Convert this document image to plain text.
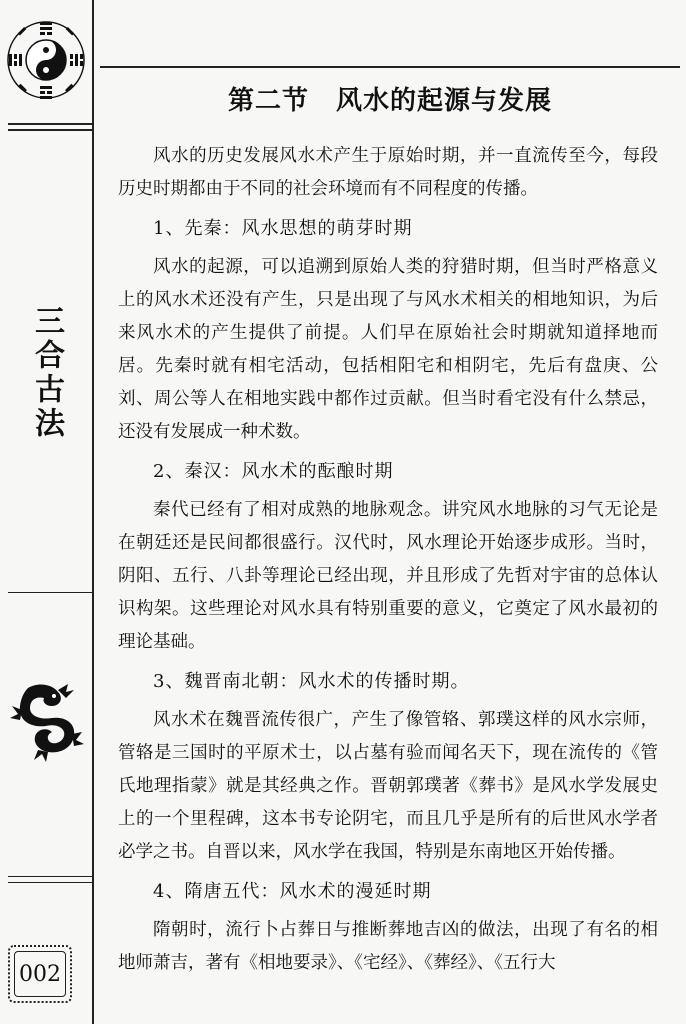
三合古法
002
第二节　风水的起源与发展

风水的历史发展风水术产生于原始时期，并一直流传至今，每段历史时期都由于不同的社会环境而有不同程度的传播。

1、先秦：风水思想的萌芽时期

风水的起源，可以追溯到原始人类的狩猎时期，但当时严格意义上的风水术还没有产生，只是出现了与风水术相关的相地知识，为后来风水术的产生提供了前提。人们早在原始社会时期就知道择地而居。先秦时就有相宅活动，包括相阳宅和相阴宅，先后有盘庚、公刘、周公等人在相地实践中都作过贡献。但当时看宅没有什么禁忌，还没有发展成一种术数。

2、秦汉：风水术的酝酿时期

秦代已经有了相对成熟的地脉观念。讲究风水地脉的习气无论是在朝廷还是民间都很盛行。汉代时，风水理论开始逐步成形。当时，阴阳、五行、八卦等理论已经出现，并且形成了先哲对宇宙的总体认识构架。这些理论对风水具有特别重要的意义，它奠定了风水最初的理论基础。

3、魏晋南北朝：风水术的传播时期。

风水术在魏晋流传很广，产生了像管辂、郭璞这样的风水宗师，管辂是三国时的平原术士，以占墓有验而闻名天下，现在流传的《管氏地理指蒙》就是其经典之作。晋朝郭璞著《葬书》是风水学发展史上的一个里程碑，这本书专论阴宅，而且几乎是所有的后世风水学者必学之书。自晋以来，风水学在我国，特别是东南地区开始传播。

4、隋唐五代：风水术的漫延时期

隋朝时，流行卜占葬日与推断葬地吉凶的做法，出现了有名的相地师萧吉，著有《相地要录》、《宅经》、《葬经》、《五行大
